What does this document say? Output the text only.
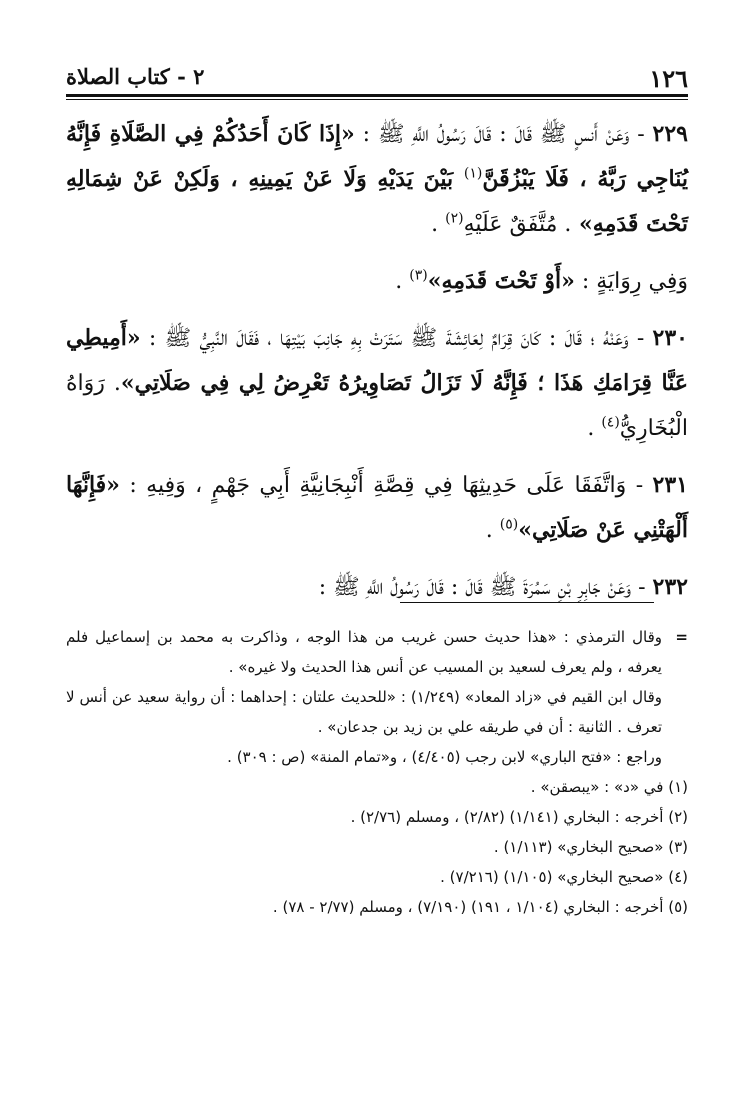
١٢٦
٢ - كتاب الصلاة

٢٢٩ - وَعَنْ أَنسٍ ﷺ قَالَ : قَالَ رَسُولُ اللَّهِ ﷺ : «إِذَا كَانَ أَحَدُكُمْ فِي الصَّلَاةِ فَإِنَّهُ يُنَاجِي رَبَّهُ ، فَلَا يَبْزُقَنَّ$^{(١)}$ بَيْنَ يَدَيْهِ وَلَا عَنْ يَمِينِهِ ، وَلَكِنْ عَنْ شِمَالِهِ تَحْتَ قَدَمِهِ» . مُتَّفَقٌ عَلَيْهِ$^{(٢)}$ .

وَفِي رِوَايَةٍ : «أَوْ تَحْتَ قَدَمِهِ»$^{(٣)}$ .

٢٣٠ - وَعَنْهُ ؛ قَالَ : كَانَ قِرَامٌ لِعَائِشَةَ ﷺ سَتَرَتْ بِهِ جَانِبَ بَيْتِهَا ، فَقَالَ النَّبِيُّ ﷺ : «أَمِيطِي عَنَّا قِرَامَكِ هَذَا ؛ فَإِنَّهُ لَا تَزَالُ تَصَاوِيرُهُ تَعْرِضُ لِي فِي صَلَاتِي». رَوَاهُ الْبُخَارِيُّ$^{(٤)}$ .

٢٣١ - وَاتَّفَقَا عَلَى حَدِيثِهَا فِي قِصَّةِ أَنْبِجَانِيَّةِ أَبِي جَهْمٍ ، وَفِيهِ : «فَإِنَّهَا أَلْهَتْنِي عَنْ صَلَاتِي»$^{(٥)}$ .

٢٣٢ - وَعَنْ جَابِرِ بْنِ سَمُرَةَ ﷺ قَالَ : قَالَ رَسُولُ اللَّهِ ﷺ :

=

وقال الترمذي : «هذا حديث حسن غريب من هذا الوجه ، وذاكرت به محمد بن إسماعيل فلم يعرفه ، ولم يعرف لسعيد بن المسيب عن أنس هذا الحديث ولا غيره» .

وقال ابن القيم في «زاد المعاد» (١/٢٤٩) : «للحديث علتان : إحداهما : أن رواية سعيد عن أنس لا تعرف . الثانية : أن في طريقه علي بن زيد بن جدعان» .

وراجع : «فتح الباري» لابن رجب (٤/٤٠٥) ، و«تمام المنة» (ص : ٣٠٩) .

(١) في «د» : «يبصقن» .

(٢) أخرجه : البخاري (١/١٤١) (٢/٨٢) ، ومسلم (٢/٧٦) .

(٣) «صحيح البخاري» (١/١١٣) .

(٤) «صحيح البخاري» (١/١٠٥) (٧/٢١٦) .

(٥) أخرجه : البخاري (١/١٠٤ ، ١٩١) (٧/١٩٠) ، ومسلم (٢/٧٧ - ٧٨) .
